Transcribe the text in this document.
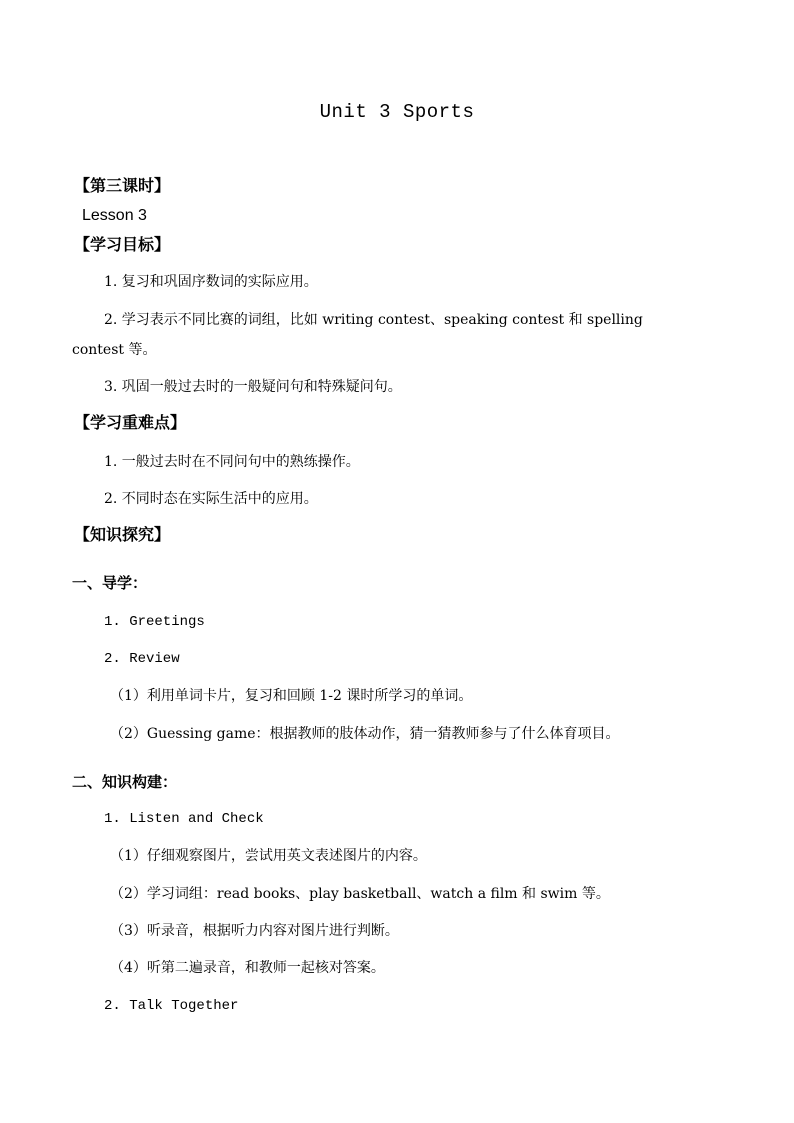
Unit 3 Sports
【第三课时】
Lesson 3
【学习目标】
1. 复习和巩固序数词的实际应用。
2. 学习表示不同比赛的词组，比如 writing contest、speaking contest 和 spelling
contest 等。
3. 巩固一般过去时的一般疑问句和特殊疑问句。
【学习重难点】
1. 一般过去时在不同问句中的熟练操作。
2. 不同时态在实际生活中的应用。
【知识探究】
一、导学：
1. Greetings
2. Review
（1）利用单词卡片，复习和回顾 1-2 课时所学习的单词。
（2）Guessing game：根据教师的肢体动作，猜一猜教师参与了什么体育项目。
二、知识构建：
1. Listen and Check
（1）仔细观察图片，尝试用英文表述图片的内容。
（2）学习词组：read books、play basketball、watch a film 和 swim 等。
（3）听录音，根据听力内容对图片进行判断。
（4）听第二遍录音，和教师一起核对答案。
2. Talk Together
